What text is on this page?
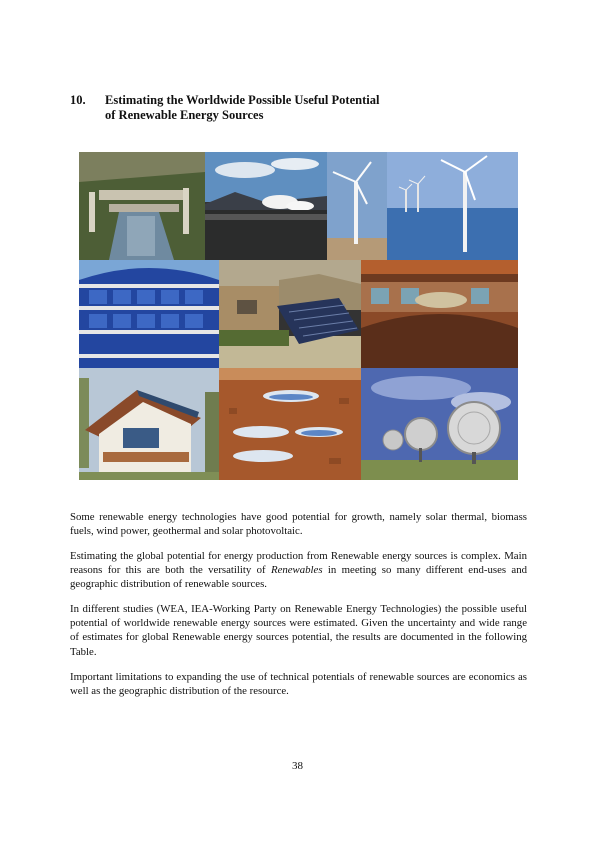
10. Estimating the Worldwide Possible Useful Potential
of Renewable Energy Sources

Some renewable energy technologies have good potential for growth, namely solar thermal, biomass fuels, wind power, geothermal and solar photovoltaic.

Estimating the global potential for energy production from Renewable energy sources is complex. Main reasons for this are both the versatility of Renewables in meeting so many different end-uses and geographic distribution of renewable sources.

In different studies (WEA, IEA-Working Party on Renewable Energy Technologies) the possible useful potential of worldwide renewable energy sources were estimated. Given the uncertainty and wide range of estimates for global Renewable energy sources potential, the results are documented in the following Table.

Important limitations to expanding the use of technical potentials of renewable sources are economics as well as the geographic distribution of the resource.

38
